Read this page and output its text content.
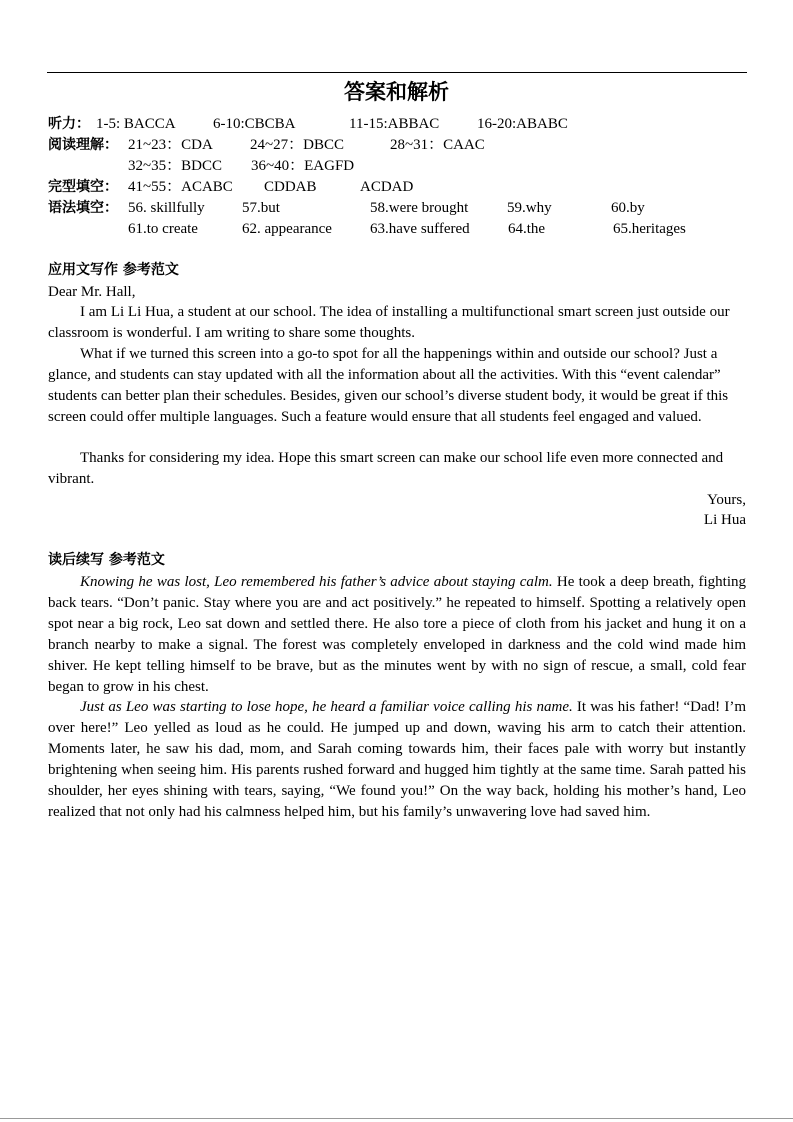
答案和解析
听力： 1-5: BACCA 6-10:CBCBA	11-15:ABBAC	16-20:ABABC
阅读理解： 21~23：CDA 24~27：DBCC	28~31：CAAC
32~35：BDCC 36~40：EAGFD
完型填空： 41~55：ACABC CDDAB	ACDAD
语法填空： 56. skillfully 57.but	58.were brought	59.why	60.by
61.to create	62. appearance	63.have suffered	64.the	65.heritages
应用文写作 参考范文
Dear Mr. Hall,

I am Li Li Hua, a student at our school. The idea of installing a multifunctional smart screen just outside our classroom is wonderful. I am writing to share some thoughts.

What if we turned this screen into a go-to spot for all the happenings within and outside our school? Just a glance, and students can stay updated with all the information about all the activities. With this “event calendar” students can better plan their schedules. Besides, given our school’s diverse student body, it would be great if this screen could offer multiple languages. Such a feature would ensure that all students feel engaged and valued.

Thanks for considering my idea. Hope this smart screen can make our school life even more connected and vibrant.

Yours,
Li Hua
读后续写 参考范文

Knowing he was lost, Leo remembered his father’s advice about staying calm. He took a deep breath, fighting back tears. “Don’t panic. Stay where you are and act positively.” he repeated to himself. Spotting a relatively open spot near a big rock, Leo sat down and settled there. He also tore a piece of cloth from his jacket and hung it on a branch nearby to make a signal. The forest was completely enveloped in darkness and the cold wind made him shiver. He kept telling himself to be brave, but as the minutes went by with no sign of rescue, a small, cold fear began to grow in his chest.

Just as Leo was starting to lose hope, he heard a familiar voice calling his name. It was his father! “Dad! I’m over here!” Leo yelled as loud as he could. He jumped up and down, waving his arm to catch their attention. Moments later, he saw his dad, mom, and Sarah coming towards him, their faces pale with worry but instantly brightening when seeing him. His parents rushed forward and hugged him tightly at the same time. Sarah patted his shoulder, her eyes shining with tears, saying, “We found you!” On the way back, holding his mother’s hand, Leo realized that not only had his calmness helped him, but his family’s unwavering love had saved him.
